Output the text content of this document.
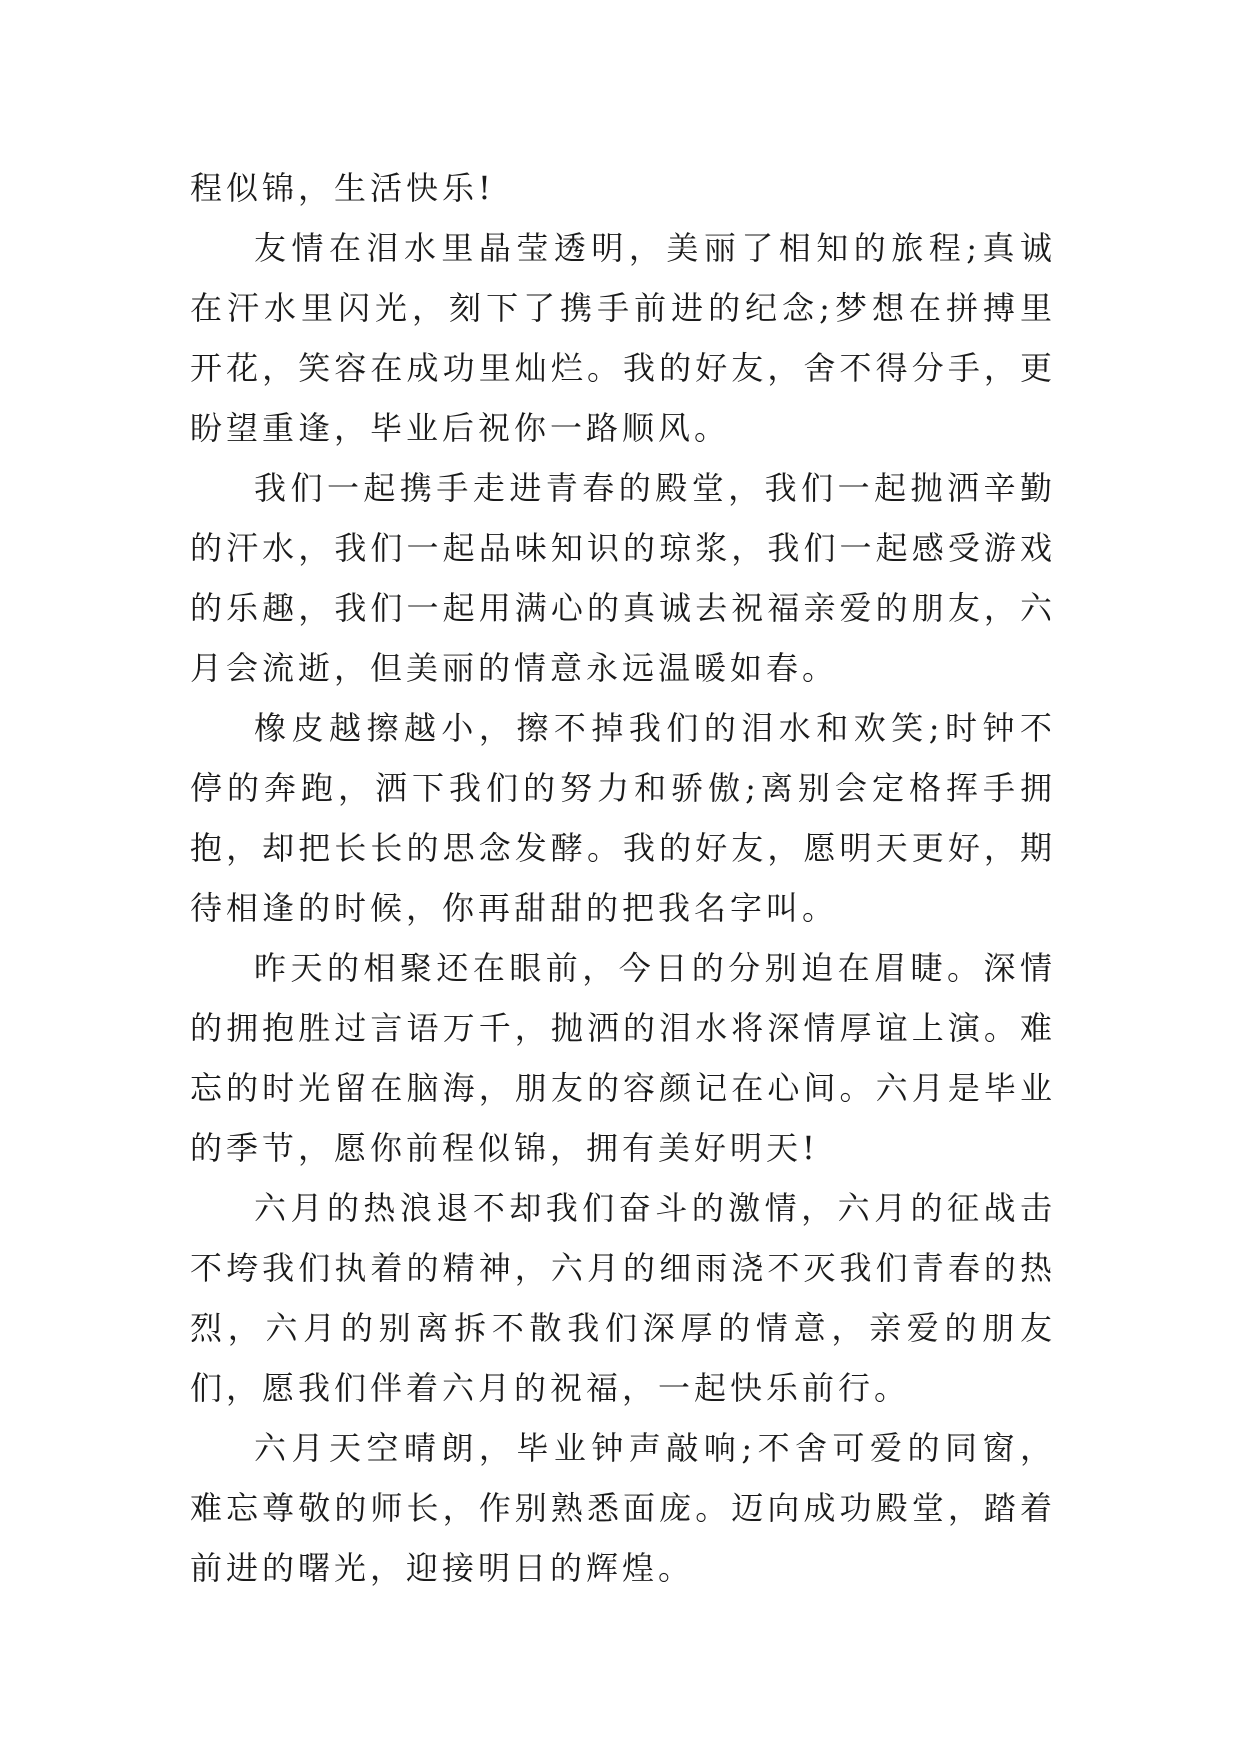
程似锦，生活快乐!

友情在泪水里晶莹透明，美丽了相知的旅程;真诚在汗水里闪光，刻下了携手前进的纪念;梦想在拼搏里开花，笑容在成功里灿烂。我的好友，舍不得分手，更盼望重逢，毕业后祝你一路顺风。

我们一起携手走进青春的殿堂，我们一起抛洒辛勤的汗水，我们一起品味知识的琼浆，我们一起感受游戏的乐趣，我们一起用满心的真诚去祝福亲爱的朋友，六月会流逝，但美丽的情意永远温暖如春。

橡皮越擦越小，擦不掉我们的泪水和欢笑;时钟不停的奔跑，洒下我们的努力和骄傲;离别会定格挥手拥抱，却把长长的思念发酵。我的好友，愿明天更好，期待相逢的时候，你再甜甜的把我名字叫。

昨天的相聚还在眼前，今日的分别迫在眉睫。深情的拥抱胜过言语万千，抛洒的泪水将深情厚谊上演。难忘的时光留在脑海，朋友的容颜记在心间。六月是毕业的季节，愿你前程似锦，拥有美好明天!

六月的热浪退不却我们奋斗的激情，六月的征战击不垮我们执着的精神，六月的细雨浇不灭我们青春的热烈，六月的别离拆不散我们深厚的情意，亲爱的朋友们，愿我们伴着六月的祝福，一起快乐前行。

六月天空晴朗，毕业钟声敲响;不舍可爱的同窗，难忘尊敬的师长，作别熟悉面庞。迈向成功殿堂，踏着前进的曙光，迎接明日的辉煌。
